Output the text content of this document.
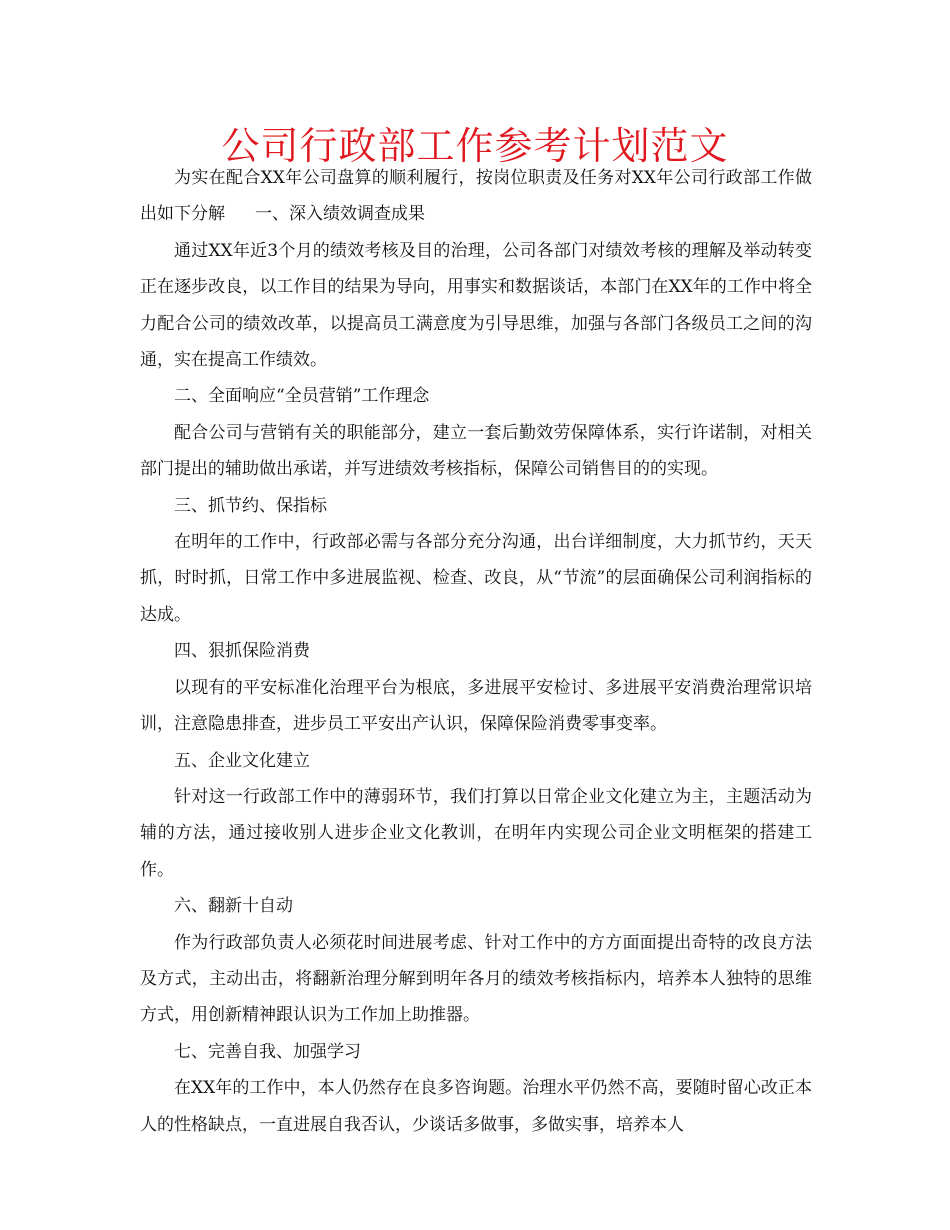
公司行政部工作参考计划范文

为实在配合XX年公司盘算的顺利履行，按岗位职责及任务对XX年公司行政部工作做出如下分解 一、深入绩效调查成果

通过XX年近3个月的绩效考核及目的治理，公司各部门对绩效考核的理解及举动转变正在逐步改良，以工作目的结果为导向，用事实和数据谈话，本部门在XX年的工作中将全力配合公司的绩效改革，以提高员工满意度为引导思维，加强与各部门各级员工之间的沟通，实在提高工作绩效。

二、全面响应“全员营销”工作理念

配合公司与营销有关的职能部分，建立一套后勤效劳保障体系，实行许诺制，对相关部门提出的辅助做出承诺，并写进绩效考核指标，保障公司销售目的的实现。

三、抓节约、保指标

在明年的工作中，行政部必需与各部分充分沟通，出台详细制度，大力抓节约，天天抓，时时抓，日常工作中多进展监视、检查、改良，从“节流”的层面确保公司利润指标的达成。

四、狠抓保险消费

以现有的平安标准化治理平台为根底，多进展平安检讨、多进展平安消费治理常识培训，注意隐患排查，进步员工平安出产认识，保障保险消费零事变率。

五、企业文化建立

针对这一行政部工作中的薄弱环节，我们打算以日常企业文化建立为主，主题活动为辅的方法，通过接收别人进步企业文化教训，在明年内实现公司企业文明框架的搭建工作。

六、翻新十自动

作为行政部负责人必须花时间进展考虑、针对工作中的方方面面提出奇特的改良方法及方式，主动出击，将翻新治理分解到明年各月的绩效考核指标内，培养本人独特的思维方式，用创新精神跟认识为工作加上助推器。

七、完善自我、加强学习

在XX年的工作中，本人仍然存在良多咨询题。治理水平仍然不高，要随时留心改正本人的性格缺点，一直进展自我否认，少谈话多做事，多做实事，培养本人
